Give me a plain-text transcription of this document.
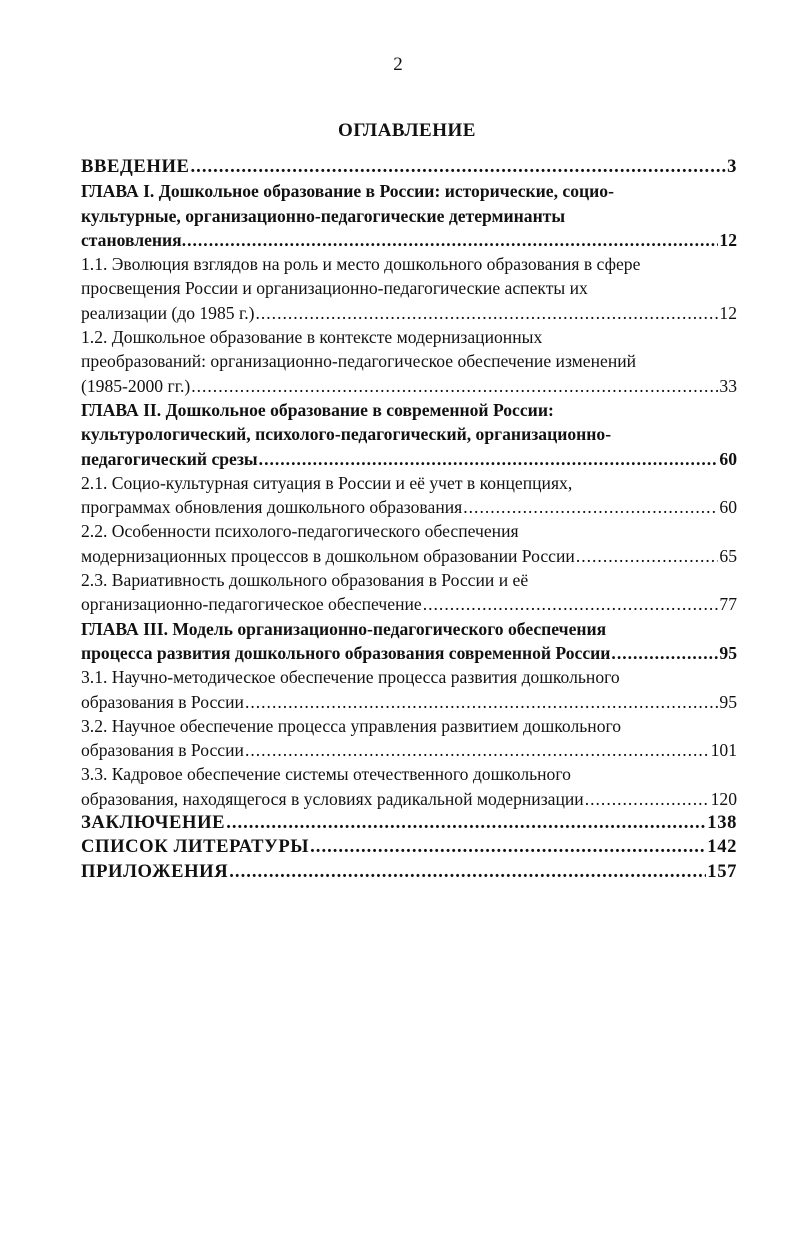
2
ОГЛАВЛЕНИЕ
ВВЕДЕНИЕ .....	3
ГЛАВА I. Дошкольное образование в России: исторические, социо-
культурные, организационно-педагогические детерминанты
становления. .....	12
1.1. Эволюция взглядов на роль и место дошкольного образования в сфере
просвещения России и организационно-педагогические аспекты их
реализации (до 1985 г.) .....	12
1.2. Дошкольное образование в контексте модернизационных
преобразований: организационно-педагогическое обеспечение изменений
(1985-2000 гг.) .....	33
ГЛАВА II. Дошкольное образование в современной России:
культурологический, психолого-педагогический, организационно-
педагогический срезы .....	60
2.1. Социо-культурная ситуация в России и её учет в концепциях,
программах обновления дошкольного образования .....	60
2.2. Особенности психолого-педагогического обеспечения
модернизационных процессов в дошкольном образовании России .....	65
2.3. Вариативность дошкольного образования в России и её
организационно-педагогическое обеспечение .....	77
ГЛАВА III. Модель организационно-педагогического обеспечения
процесса развития дошкольного образования современной России .....	95
3.1. Научно-методическое обеспечение процесса развития дошкольного
образования в России .....	95
3.2. Научное обеспечение процесса управления развитием дошкольного
образования в России .....	101
3.3. Кадровое обеспечение системы отечественного дошкольного
образования, находящегося в условиях радикальной модернизации .....	120
ЗАКЛЮЧЕНИЕ .....	138
СПИСОК ЛИТЕРАТУРЫ .....	142
ПРИЛОЖЕНИЯ .....	157
